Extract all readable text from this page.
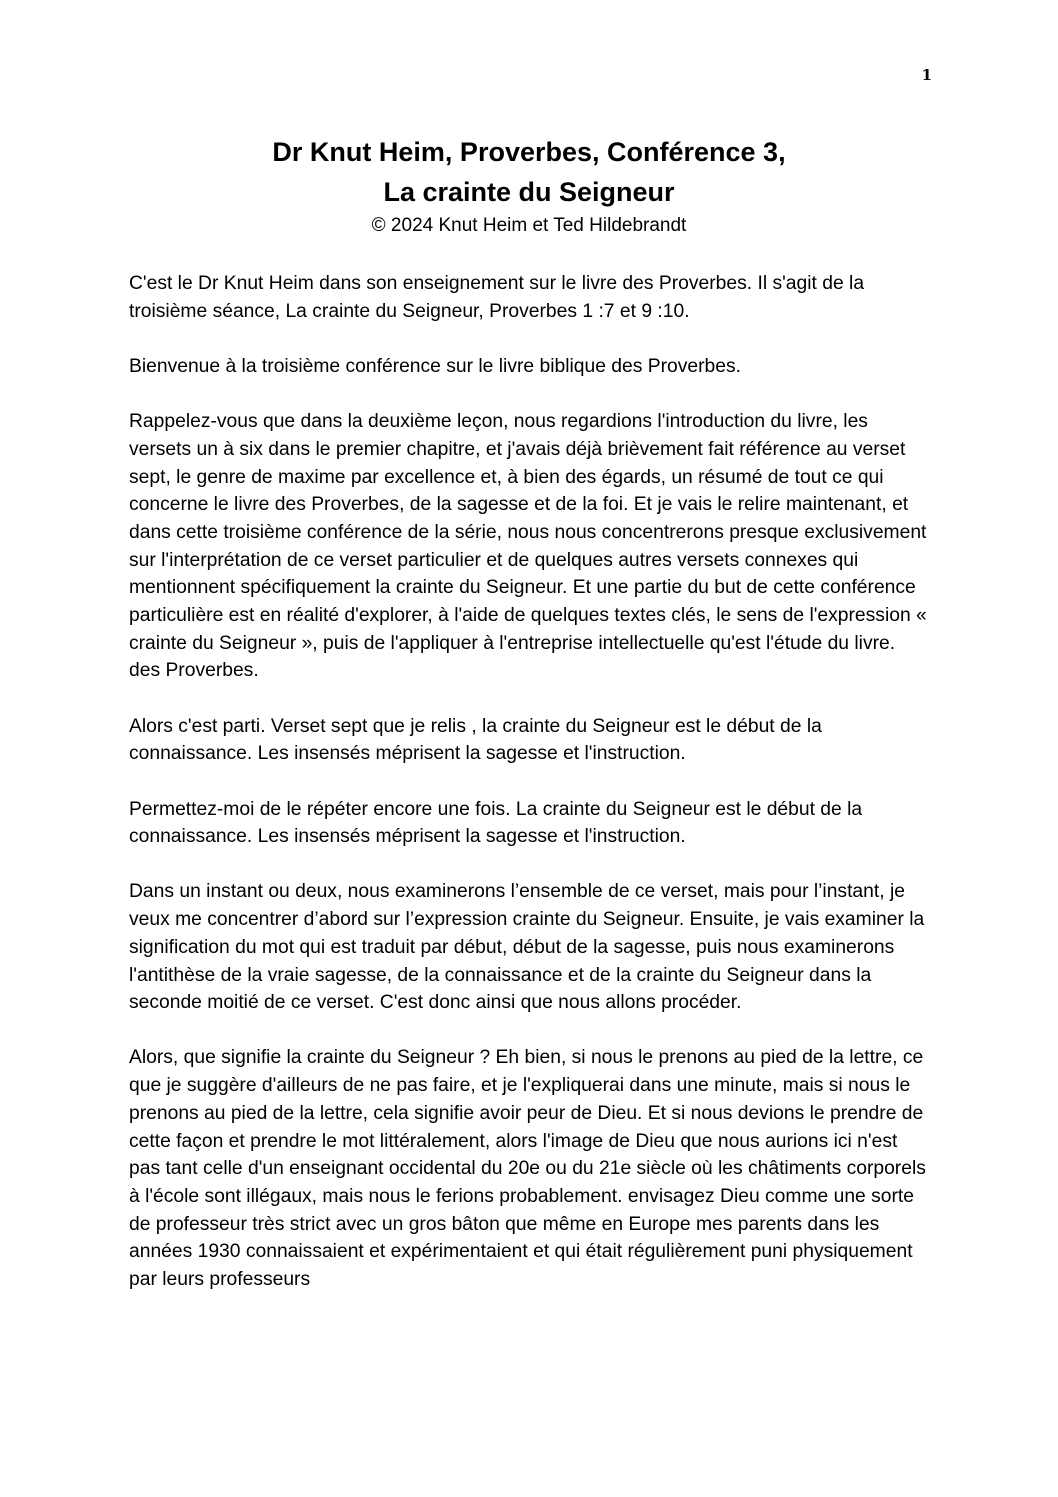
1

Dr Knut Heim, Proverbes, Conférence 3,

La crainte du Seigneur

© 2024 Knut Heim et Ted Hildebrandt

C'est le Dr Knut Heim dans son enseignement sur le livre des Proverbes. Il s'agit de la troisième séance, La crainte du Seigneur, Proverbes 1 :7 et 9 :10.

Bienvenue à la troisième conférence sur le livre biblique des Proverbes.

Rappelez-vous que dans la deuxième leçon, nous regardions l'introduction du livre, les versets un à six dans le premier chapitre, et j'avais déjà brièvement fait référence au verset sept, le genre de maxime par excellence et, à bien des égards, un résumé de tout ce qui concerne le livre des Proverbes, de la sagesse et de la foi. Et je vais le relire maintenant, et dans cette troisième conférence de la série, nous nous concentrerons presque exclusivement sur l'interprétation de ce verset particulier et de quelques autres versets connexes qui mentionnent spécifiquement la crainte du Seigneur. Et une partie du but de cette conférence particulière est en réalité d'explorer, à l'aide de quelques textes clés, le sens de l'expression « crainte du Seigneur », puis de l'appliquer à l'entreprise intellectuelle qu'est l'étude du livre. des Proverbes.

Alors c'est parti. Verset sept que je relis , la crainte du Seigneur est le début de la connaissance. Les insensés méprisent la sagesse et l'instruction.

Permettez-moi de le répéter encore une fois. La crainte du Seigneur est le début de la connaissance. Les insensés méprisent la sagesse et l'instruction.

Dans un instant ou deux, nous examinerons l’ensemble de ce verset, mais pour l’instant, je veux me concentrer d’abord sur l’expression crainte du Seigneur. Ensuite, je vais examiner la signification du mot qui est traduit par début, début de la sagesse, puis nous examinerons l'antithèse de la vraie sagesse, de la connaissance et de la crainte du Seigneur dans la seconde moitié de ce verset. C'est donc ainsi que nous allons procéder.

Alors, que signifie la crainte du Seigneur ? Eh bien, si nous le prenons au pied de la lettre, ce que je suggère d'ailleurs de ne pas faire, et je l'expliquerai dans une minute, mais si nous le prenons au pied de la lettre, cela signifie avoir peur de Dieu. Et si nous devions le prendre de cette façon et prendre le mot littéralement, alors l'image de Dieu que nous aurions ici n'est pas tant celle d'un enseignant occidental du 20e ou du 21e siècle où les châtiments corporels à l'école sont illégaux, mais nous le ferions probablement. envisagez Dieu comme une sorte de professeur très strict avec un gros bâton que même en Europe mes parents dans les années 1930 connaissaient et expérimentaient et qui était régulièrement puni physiquement par leurs professeurs
